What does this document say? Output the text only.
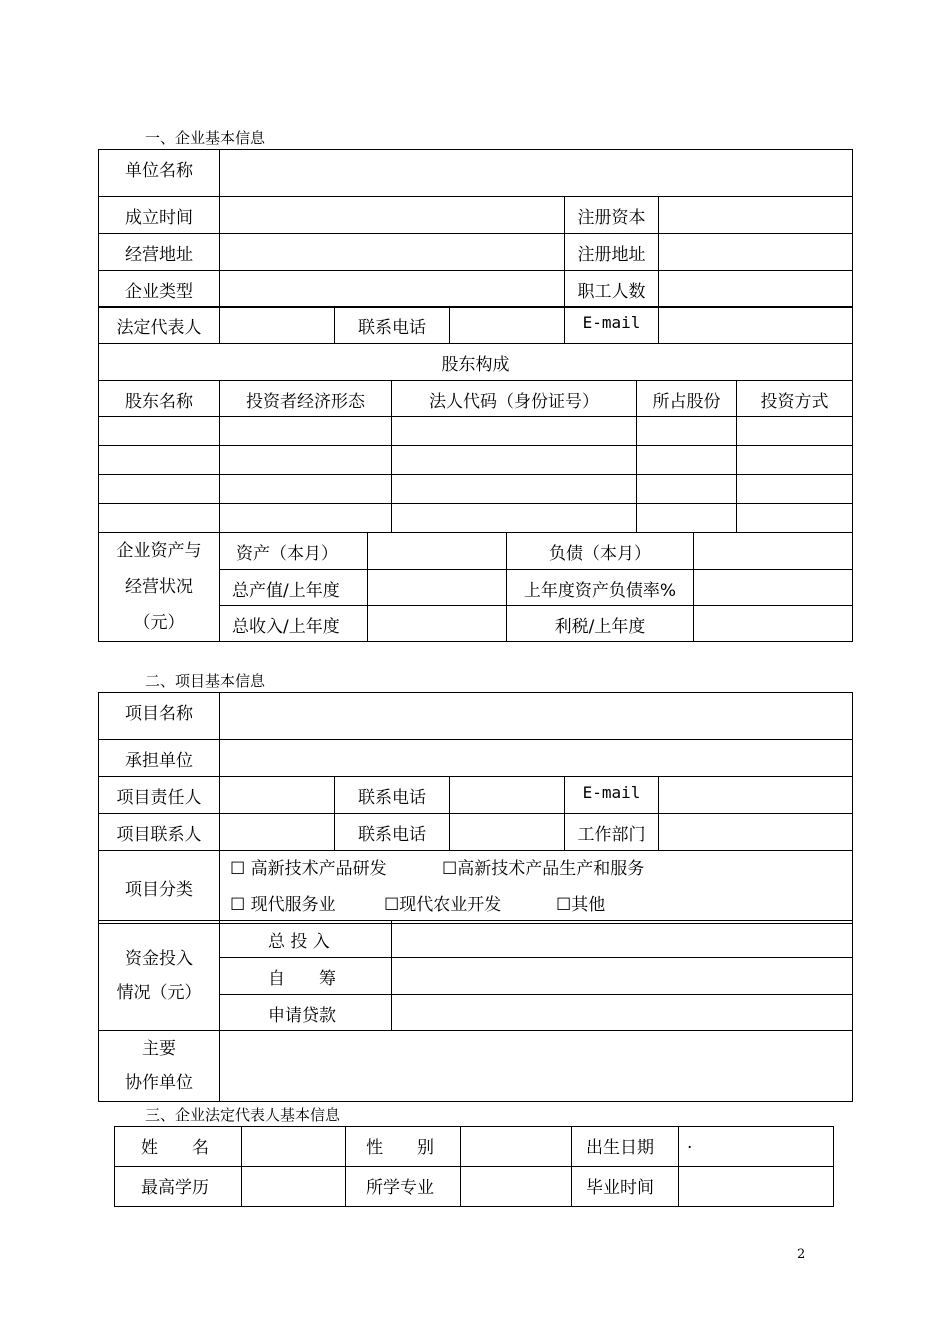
一、企业基本信息
单位名称			
成立时间		注册资本	
经营地址		注册地址	
企业类型		职工人数	
法定代表人		联系电话		E-mail	
股东构成
股东名称	投资者经济形态	法人代码（身份证号）	所占股份	投资方式

企业资产与
经营状况
（元）	资产（本月）		负债（本月）	
	总产值/上年度		上年度资产负债率%	
	总收入/上年度		利税/上年度	
二、项目基本信息
项目名称					
承担单位					
项目责任人		联系电话		E-mail	
项目联系人		联系电话		工作部门	
项目分类	
☐ 高新技术产品研发	☐高新技术产品生产和服务
☐ 现代服务业	☐现代农业开发	☐其他
资金投入
情况（元）	总 投 入	
	自　　筹	
	申请贷款	
主要
协作单位

三、企业法定代表人基本信息
姓　　名		性　　别		出生日期	.
最高学历		所学专业		毕业时间	
2
